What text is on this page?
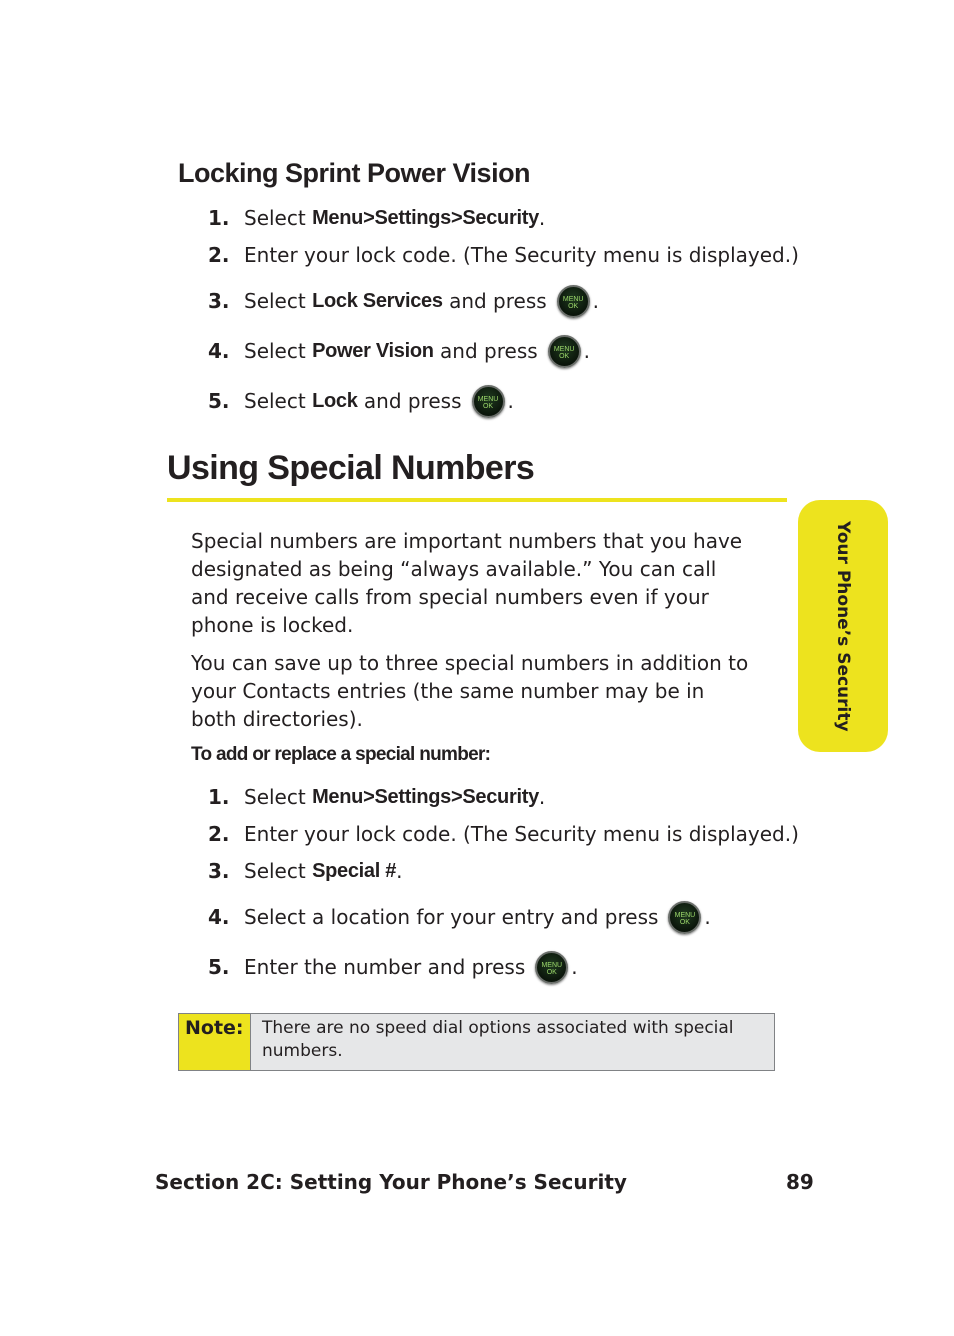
Locking Sprint Power Vision
1. Select
Menu > Settings > Security .
2. Enter your lock code. (The Security menu is displayed.)
3. Select
Lock Services
and press	MENU
OK .
4. Select
Power Vision
and press	MENU
OK .
5. Select
Lock
and press	MENU
OK .
Using Special Numbers

Special numbers are important numbers that you have designated as being “always available.” You can call and receive calls from special numbers even if your phone is locked.

You can save up to three special numbers in addition to your Contacts entries (the same number may be in both directories).

To add or replace a special number:

1. Select
Menu > Settings > Security .
2. Enter your lock code. (The Security menu is displayed.)
3. Select
Special # .
4. Select a location for your entry and press	MENU
OK .
5. Enter the number and press	MENU
OK .
Note:	There are no speed dial options associated with special numbers.
Your Phone’s Security
Section 2C: Setting Your Phone’s Security	89
